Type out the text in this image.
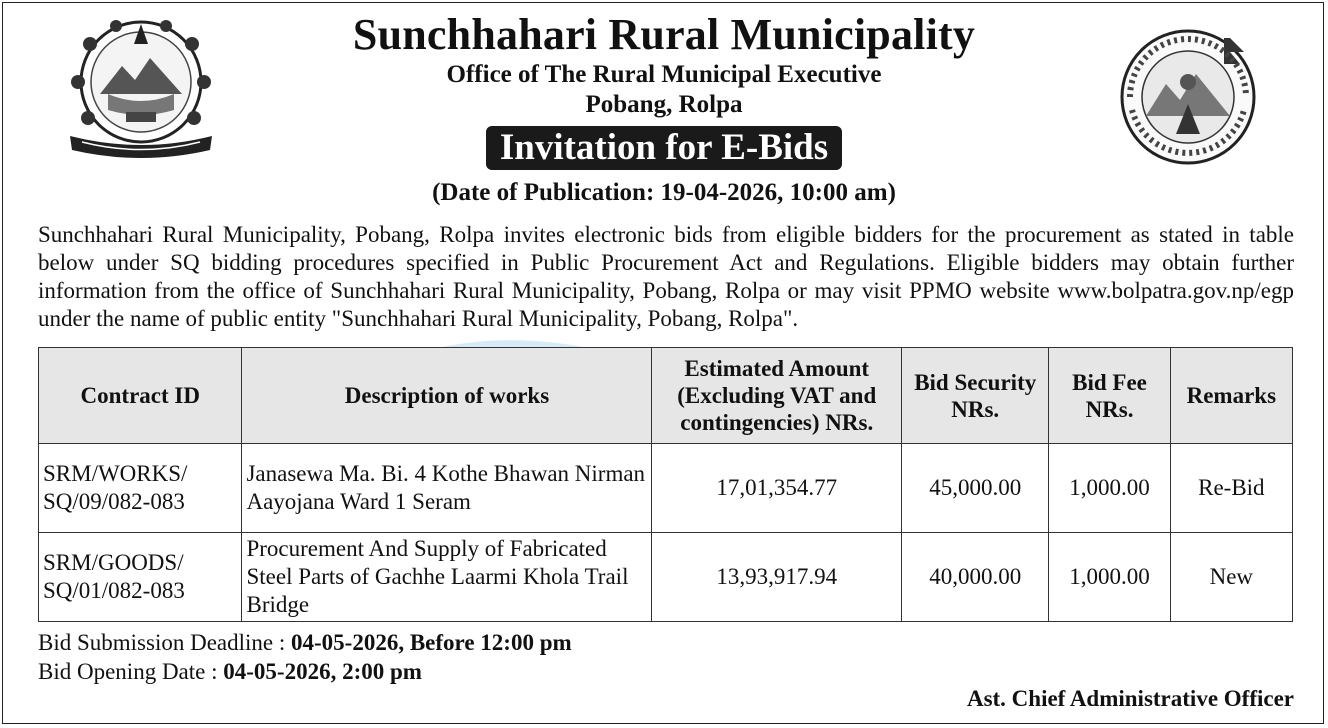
Sunchhahari Rural Municipality
Office of The Rural Municipal Executive
Pobang, Rolpa
Invitation for E-Bids
(Date of Publication: 19-04-2026, 10:00 am)
Sunchhahari Rural Municipality, Pobang, Rolpa invites electronic bids from eligible bidders for the procurement as stated in table below under SQ bidding procedures specified in Public Procurement Act and Regulations. Eligible bidders may obtain further information from the office of Sunchhahari Rural Municipality, Pobang, Rolpa or may visit PPMO website www.bolpatra.gov.np/egp under the name of public entity "Sunchhahari Rural Municipality, Pobang, Rolpa".
Contract ID	Description of works	Estimated Amount (Excluding VAT and contingencies) NRs.	Bid Security NRs.	Bid Fee NRs.	Remarks
SRM/WORKS/ SQ/09/082-083	Janasewa Ma. Bi. 4 Kothe Bhawan Nirman Aayojana Ward 1 Seram	17,01,354.77	45,000.00	1,000.00	Re-Bid
SRM/GOODS/ SQ/01/082-083	Procurement And Supply of Fabricated Steel Parts of Gachhe Laarmi Khola Trail Bridge	13,93,917.94	40,000.00	1,000.00	New
Bid Submission Deadline : 04-05-2026, Before 12:00 pm
Bid Opening Date : 04-05-2026, 2:00 pm
Ast. Chief Administrative Officer
